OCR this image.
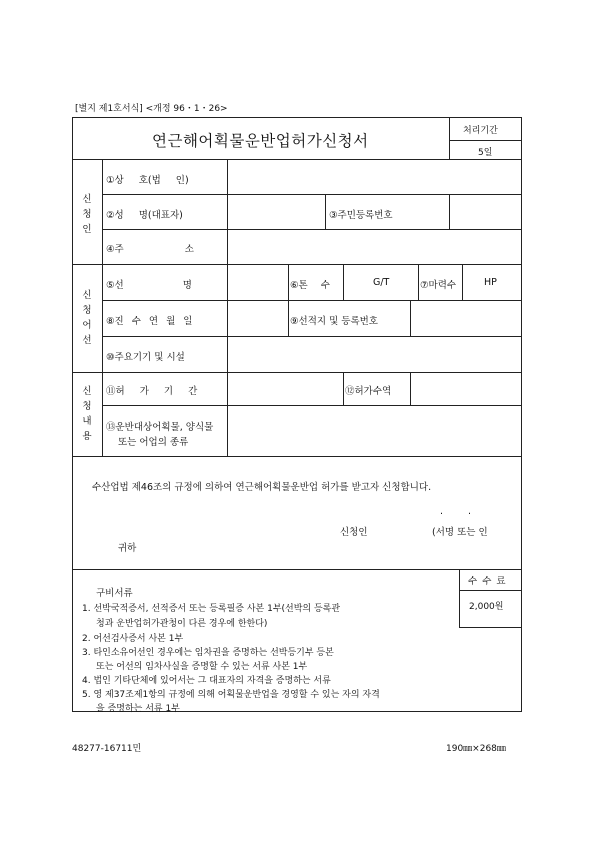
[별지 제1호서식] <개정 96・1・26>
연근해어획물운반업허가신청서
처리기간
5일
신
청
인
①상 호(법 인)
②성 명(대표자)	③주민등록번호
④주 소
신
청
어
선
⑤선 명	⑥톤 수	G/T	⑦마력수	HP
⑧진 수 연 월 일	⑨선적지 및 등록번호
⑩주요기기 및 시설
신
청
내
용
⑪허 가 기 간	⑫허가수역
⑬운반대상어획물, 양식물
또는 어업의 종류
수산업법 제46조의 규정에 의하여 연근해어획물운반업 허가를 받고자 신청합니다.
. .
신청인	(서명 또는 인
귀하
구비서류
1. 선박국적증서, 선적증서 또는 등록필증 사본 1부(선박의 등록관
청과 운반업허가관청이 다른 경우에 한한다)
2. 어선검사증서 사본 1부
3. 타인소유어선인 경우에는 임차권을 증명하는 선박등기부 등본
또는 어선의 임차사실을 증명할 수 있는 서류 사본 1부
4. 법인 기타단체에 있어서는 그 대표자의 자격을 증명하는 서류
5. 영 제37조제1항의 규정에 의해 어획물운반업을 경영할 수 있는 자의 자격
을 증명하는 서류 1부
수 수 료
2,000원
48277-16711민	190㎜×268㎜
